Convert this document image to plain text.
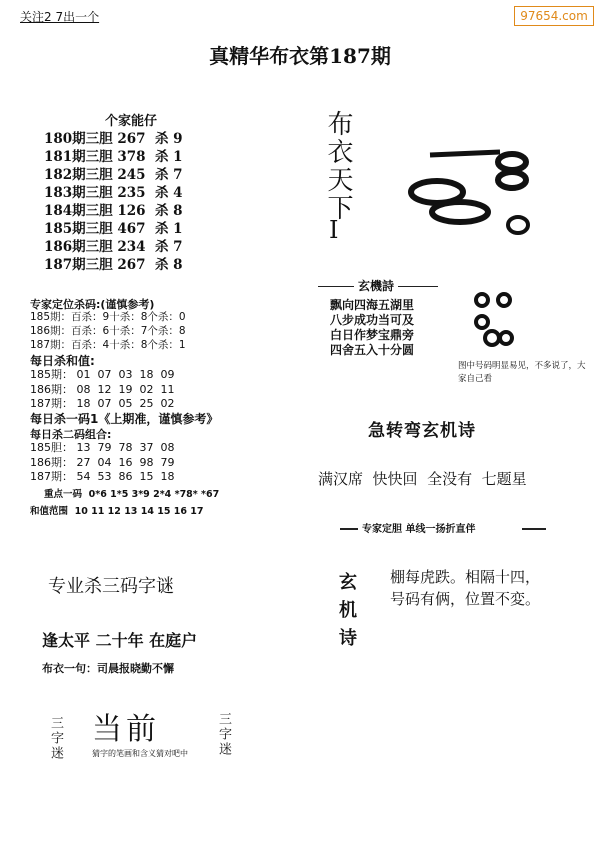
关注2 7出一个	97654.com
真精华布衣第187期
个家能仔
180期三胆 267  杀 9
181期三胆 378  杀 1
182期三胆 245  杀 7
183期三胆 235  杀 4
184期三胆 126  杀 8
185期三胆 467  杀 1
186期三胆 234  杀 7
187期三胆 267  杀 8
专家定位杀码:(谨慎参考)
185期：百杀：9十杀：8个杀：0
186期：百杀：6十杀：7个杀：8
187期：百杀：4十杀：8个杀：1
每日杀和值:
185期： 01  07  03  18  09
186期： 08  12  19  02  11
187期： 18  07  05  25  02
每日杀一码1《上期准，谨慎参考》
每日杀二码组合:
185胆： 13  79  78  37  08
186期： 27  04  16  98  79
187期： 54  53  86  15  18
重点一码  0*6 1*5 3*9 2*4 *78* *67
和值范围  10 11 12 13 14 15 16 17
专业杀三码字谜
逢太平 二十年 在庭户
布衣一句：司晨报晓勤不懈
三字迷 当前	三字迷
猜字的笔画和含义猜对吧中
布衣天下
I
玄機詩
飘向四海五湖里
八步成功当可及
白日作梦宝鼎旁
四舍五入十分圆
图中号码明显易见，不多说了，大家自己看
急转弯玄机诗
满汉席  快快回  全没有  七题星
专家定胆 单线一扬折直伴
玄机诗 棚每虎跌。相隔十四，
号码有俩，位置不変。
